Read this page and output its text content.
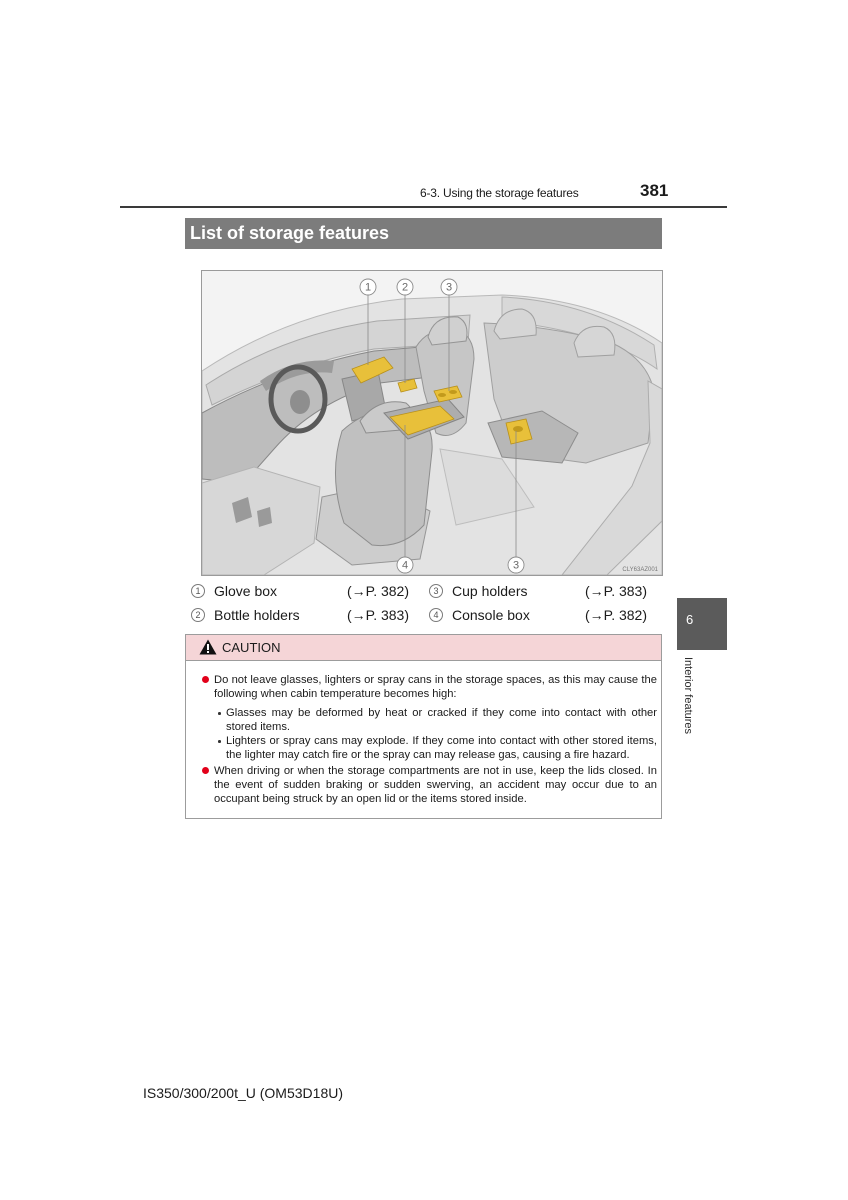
6-3. Using the storage features	381
List of storage features
1	2	3
4	3	CLY63AZ001
1 Glove box	(→P. 382)	3 Cup holders	(→P. 383)
2 Bottle holders	(→P. 383)	4 Console box	(→P. 382)	6
Interior features
CAUTION

Do not leave glasses, lighters or spray cans in the storage spaces, as this may cause the following when cabin temperature becomes high:

Glasses may be deformed by heat or cracked if they come into contact with other stored items.
Lighters or spray cans may explode. If they come into contact with other stored items, the lighter may catch fire or the spray can may release gas, causing a fire hazard.

When driving or when the storage compartments are not in use, keep the lids closed. In the event of sudden braking or sudden swerving, an accident may occur due to an occupant being struck by an open lid or the items stored inside.

IS350/300/200t_U (OM53D18U)
